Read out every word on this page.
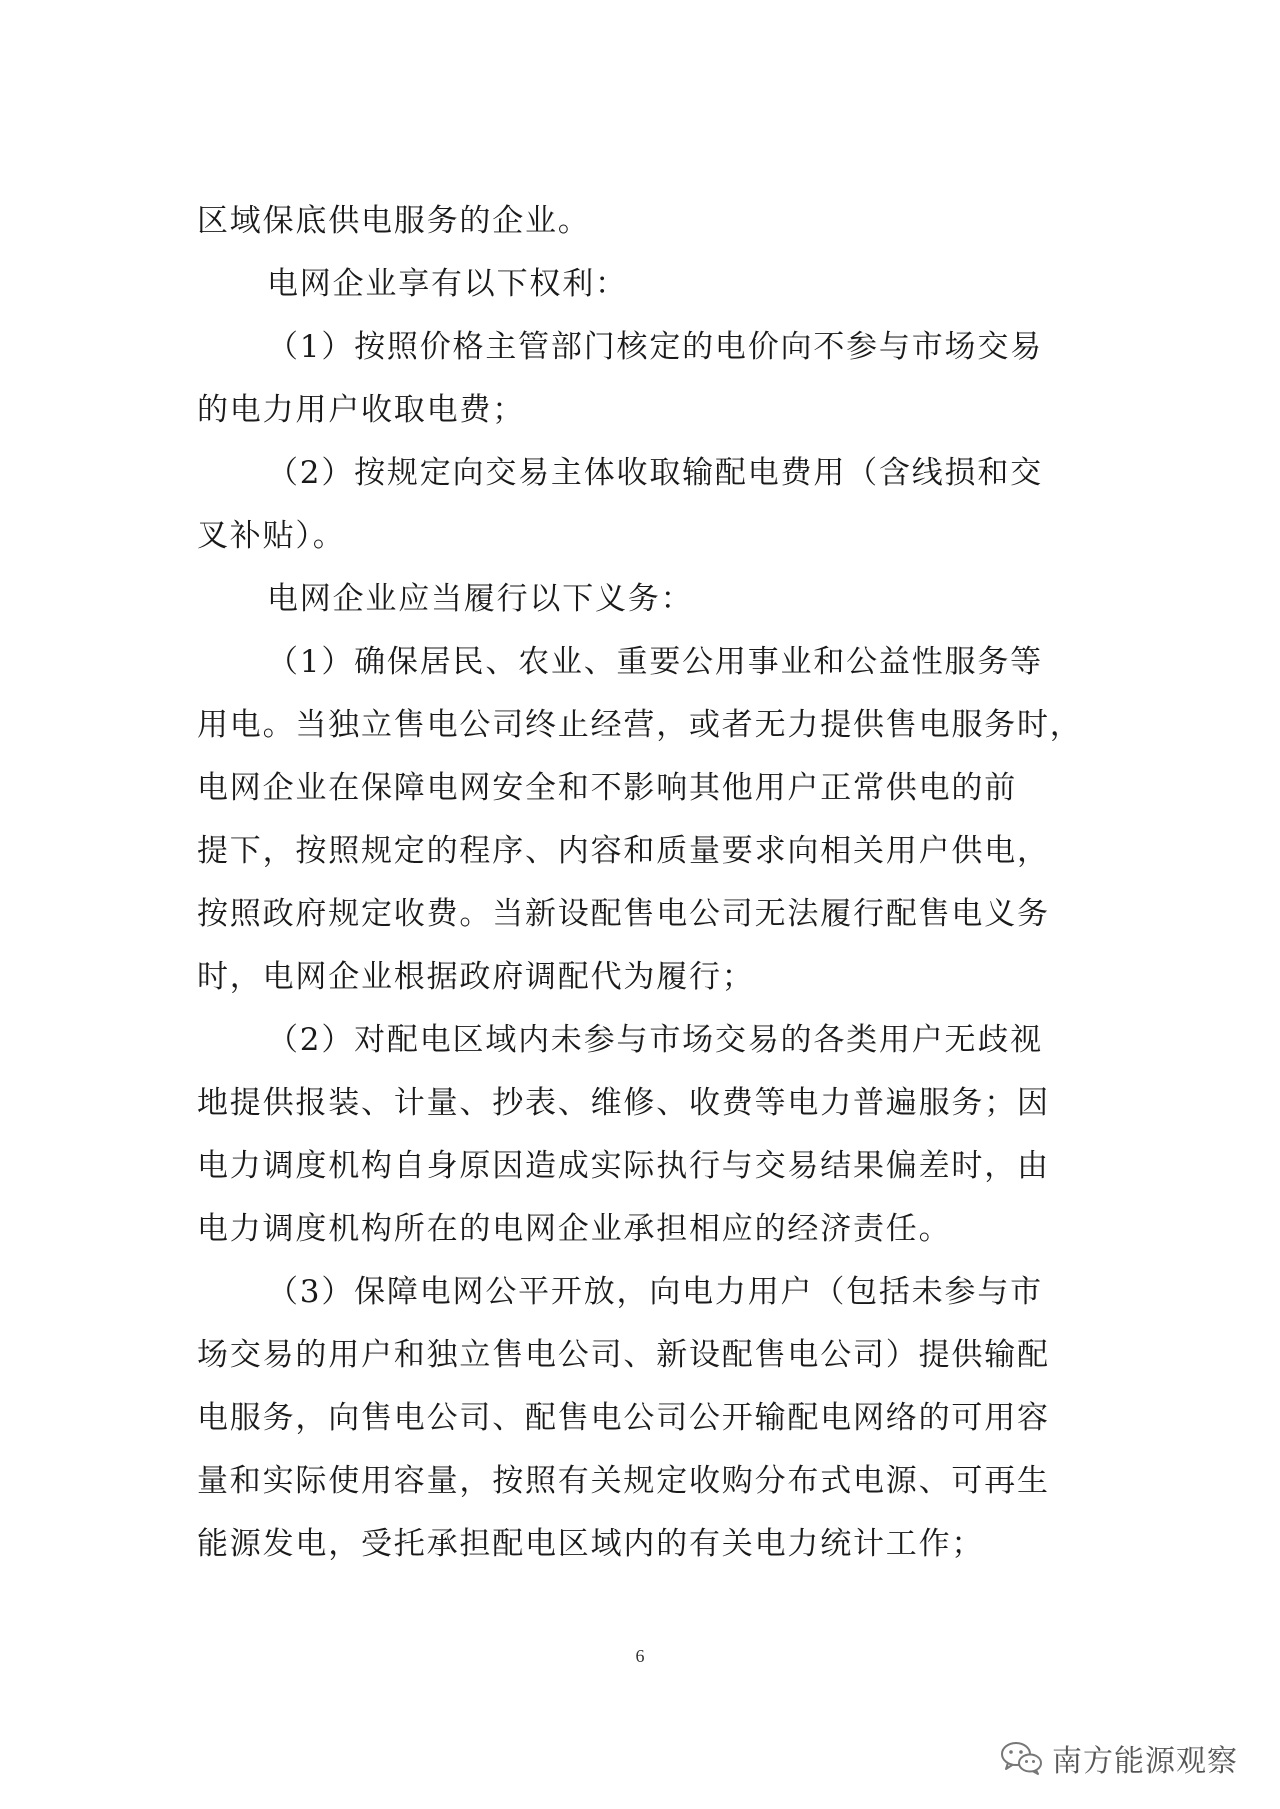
区域保底供电服务的企业。

电网企业享有以下权利：

（1）按照价格主管部门核定的电价向不参与市场交易
的电力用户收取电费；

（2）按规定向交易主体收取输配电费用（含线损和交
叉补贴）。

电网企业应当履行以下义务：

（1）确保居民、农业、重要公用事业和公益性服务等
用电。当独立售电公司终止经营，或者无力提供售电服务时，
电网企业在保障电网安全和不影响其他用户正常供电的前
提下，按照规定的程序、内容和质量要求向相关用户供电，
按照政府规定收费。当新设配售电公司无法履行配售电义务
时，电网企业根据政府调配代为履行；

（2）对配电区域内未参与市场交易的各类用户无歧视
地提供报装、计量、抄表、维修、收费等电力普遍服务；因
电力调度机构自身原因造成实际执行与交易结果偏差时，由
电力调度机构所在的电网企业承担相应的经济责任。

（3）保障电网公平开放，向电力用户（包括未参与市
场交易的用户和独立售电公司、新设配售电公司）提供输配
电服务，向售电公司、配售电公司公开输配电网络的可用容
量和实际使用容量，按照有关规定收购分布式电源、可再生
能源发电，受托承担配电区域内的有关电力统计工作；

6
南方能源观察
